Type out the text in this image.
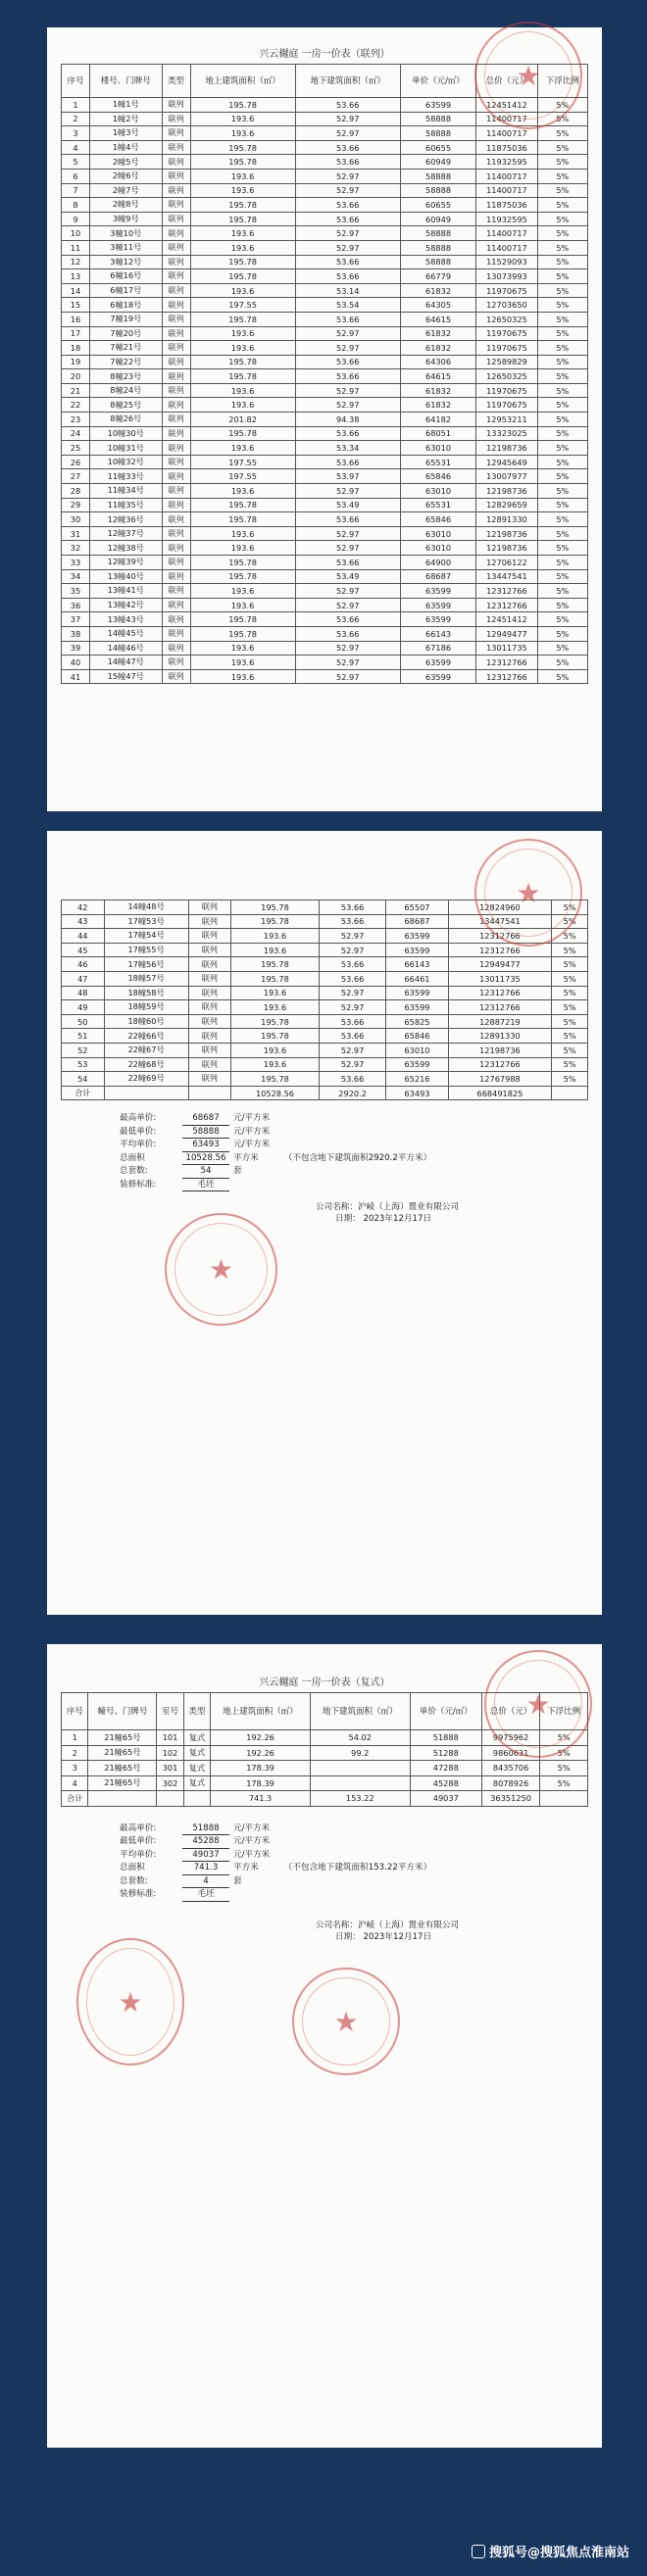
兴云樾庭 一房一价表（联列）
序号	楼号、门牌号	类型	地上建筑面积（㎡）	地下建筑面积（㎡）	单价（元/㎡）	总价（元）	下浮比例
1	1幢1号	联列	195.78	53.66	63599	12451412	5%
2	1幢2号	联列	193.6	52.97	58888	11400717	5%
3	1幢3号	联列	193.6	52.97	58888	11400717	5%
4	1幢4号	联列	195.78	53.66	60655	11875036	5%
5	2幢5号	联列	195.78	53.66	60949	11932595	5%
6	2幢6号	联列	193.6	52.97	58888	11400717	5%
7	2幢7号	联列	193.6	52.97	58888	11400717	5%
8	2幢8号	联列	195.78	53.66	60655	11875036	5%
9	3幢9号	联列	195.78	53.66	60949	11932595	5%
10	3幢10号	联列	193.6	52.97	58888	11400717	5%
11	3幢11号	联列	193.6	52.97	58888	11400717	5%
12	3幢12号	联列	195.78	53.66	58888	11529093	5%
13	6幢16号	联列	195.78	53.66	66779	13073993	5%
14	6幢17号	联列	193.6	53.14	61832	11970675	5%
15	6幢18号	联列	197.55	53.54	64305	12703650	5%
16	7幢19号	联列	195.78	53.66	64615	12650325	5%
17	7幢20号	联列	193.6	52.97	61832	11970675	5%
18	7幢21号	联列	193.6	52.97	61832	11970675	5%
19	7幢22号	联列	195.78	53.66	64306	12589829	5%
20	8幢23号	联列	195.78	53.66	64615	12650325	5%
21	8幢24号	联列	193.6	52.97	61832	11970675	5%
22	8幢25号	联列	193.6	52.97	61832	11970675	5%
23	8幢26号	联列	201.82	94.38	64182	12953211	5%
24	10幢30号	联列	195.78	53.66	68051	13323025	5%
25	10幢31号	联列	193.6	53.34	63010	12198736	5%
26	10幢32号	联列	197.55	53.66	65531	12945649	5%
27	11幢33号	联列	197.55	53.97	65846	13007977	5%
28	11幢34号	联列	193.6	52.97	63010	12198736	5%
29	11幢35号	联列	195.78	53.49	65531	12829659	5%
30	12幢36号	联列	195.78	53.66	65846	12891330	5%
31	12幢37号	联列	193.6	52.97	63010	12198736	5%
32	12幢38号	联列	193.6	52.97	63010	12198736	5%
33	12幢39号	联列	195.78	53.66	64900	12706122	5%
34	13幢40号	联列	195.78	53.49	68687	13447541	5%
35	13幢41号	联列	193.6	52.97	63599	12312766	5%
36	13幢42号	联列	193.6	52.97	63599	12312766	5%
37	13幢43号	联列	195.78	53.66	63599	12451412	5%
38	14幢45号	联列	195.78	53.66	66143	12949477	5%
39	14幢46号	联列	193.6	52.97	67186	13011735	5%
40	14幢47号	联列	193.6	52.97	63599	12312766	5%
41	15幢47号	联列	193.6	52.97	63599	12312766	5%
★
42	14幢48号	联列	195.78	53.66	65507	12824960	5%
43	17幢53号	联列	195.78	53.66	68687	13447541	5%
44	17幢54号	联列	193.6	52.97	63599	12312766	5%
45	17幢55号	联列	193.6	52.97	63599	12312766	5%
46	17幢56号	联列	195.78	53.66	66143	12949477	5%
47	18幢57号	联列	195.78	53.66	66461	13011735	5%
48	18幢58号	联列	193.6	52.97	63599	12312766	5%
49	18幢59号	联列	193.6	52.97	63599	12312766	5%
50	18幢60号	联列	195.78	53.66	65825	12887219	5%
51	22幢66号	联列	195.78	53.66	65846	12891330	5%
52	22幢67号	联列	193.6	52.97	63010	12198736	5%
53	22幢68号	联列	193.6	52.97	63599	12312766	5%
54	22幢69号	联列	195.78	53.66	65216	12767988	5%
合计			10528.56	2920.2	63493	668491825	
最高单价:	68687	元/平方米
最低单价:	58888	元/平方米
平均单价:	63493	元/平方米
总面积	10528.56 平方米	（不包含地下建筑面积2920.2平方米）
总套数:	54	套
装修标准:	毛坯
公司名称：沪崚（上海）置业有限公司
日期： 2023年12月17日
★
★
兴云樾庭 一房一价表（复式）
序号	幢号、门牌号	室号	类型	地上建筑面积（㎡）	地下建筑面积（㎡）	单价（元/㎡）	总价（元）	下浮比例
1	21幢65号	101	复式	192.26	54.02	51888	9975962	5%
2	21幢65号	102	复式	192.26	99.2	51288	9860631	5%
3	21幢65号	301	复式	178.39		47288	8435706	5%
4	21幢65号	302	复式	178.39		45288	8078926	5%
合计				741.3	153.22	49037	36351250	
最高单价:	51888	元/平方米
最低单价:	45288	元/平方米
平均单价:	49037	元/平方米
总面积	741.3	平方米	（不包含地下建筑面积153.22平方米）
总套数:	4	套
装修标准:	毛坯
公司名称：沪崚（上海）置业有限公司
日期： 2023年12月17日
★
★
★
搜狐号@搜狐焦点淮南站
